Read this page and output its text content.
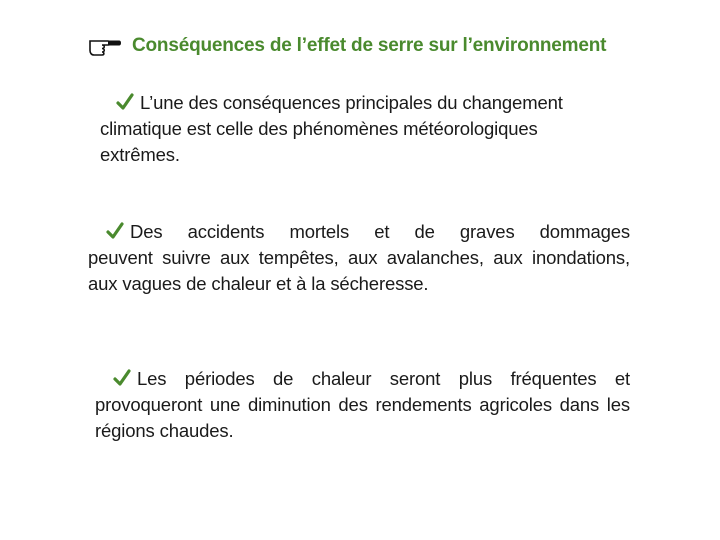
Conséquences de l’effet de serre sur l’environnement
L’une des conséquences principales du changement
climatique est celle des phénomènes météorologiques
extrêmes.
Des accidents mortels et de graves dommages
peuvent suivre aux tempêtes, aux avalanches, aux inondations, aux vagues de chaleur et à la sécheresse.
Les périodes de chaleur seront plus fréquentes et
provoqueront une diminution des rendements agricoles dans les régions chaudes.
